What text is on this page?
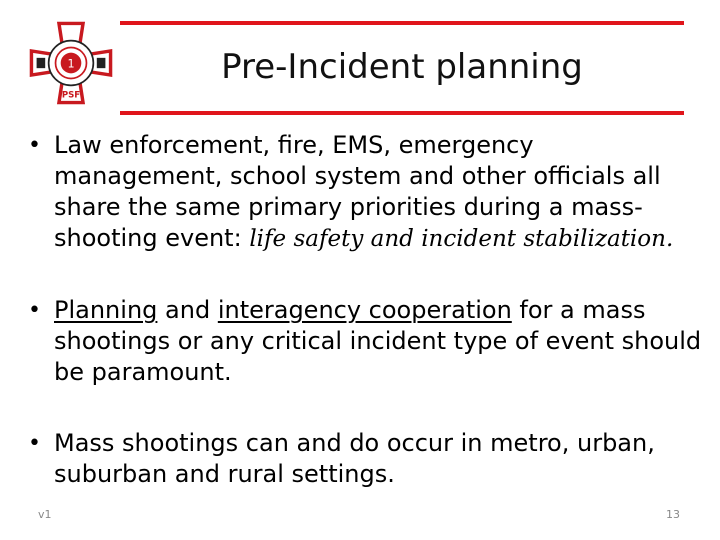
1
PSF
Pre-Incident planning
• Law enforcement, fire, EMS, emergency management, school system and other officials all share the same primary priorities during a mass-shooting event: life safety and incident stabilization.
• Planning and interagency cooperation for a mass shootings or any critical incident type of event should be paramount.
• Mass shootings can and do occur in metro, urban, suburban and rural settings.
v1	13
